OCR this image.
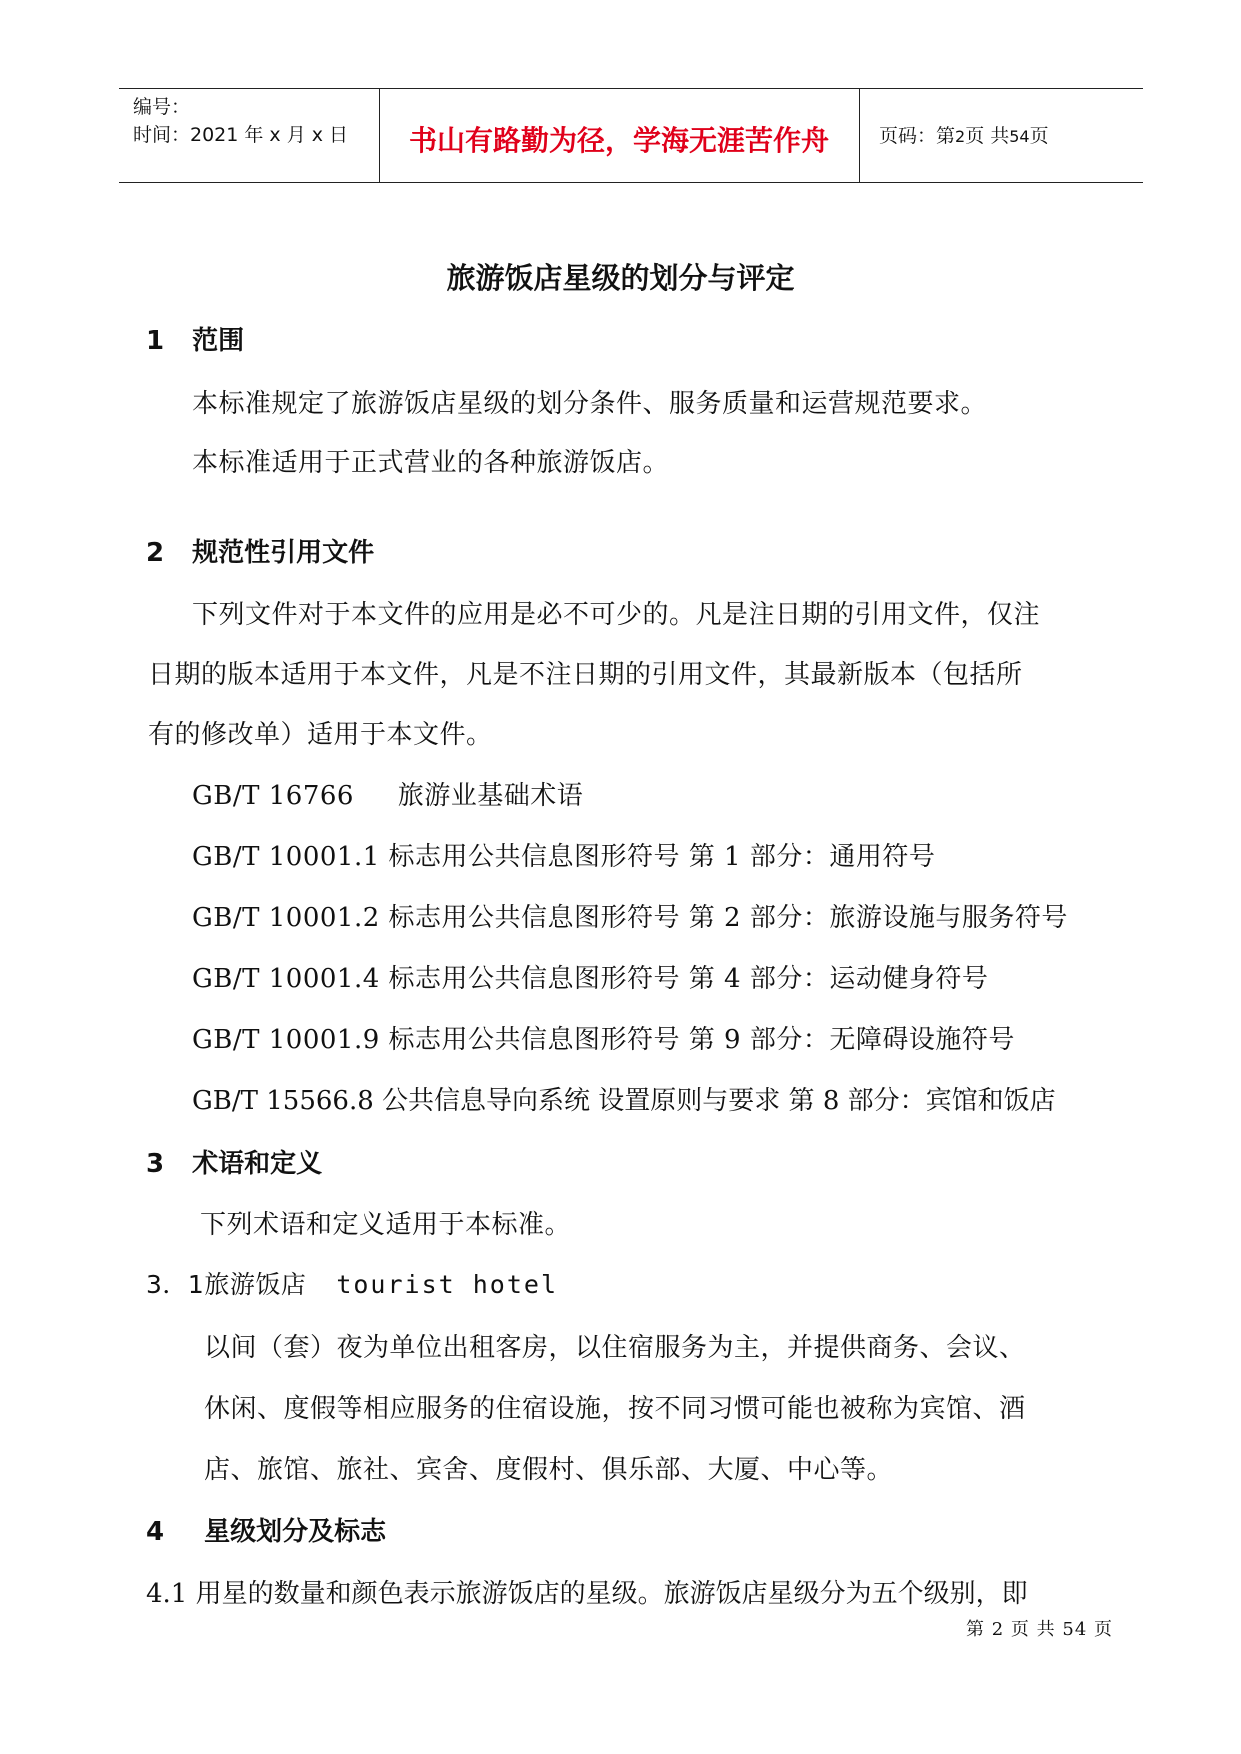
编号：
时间：2021 年 x 月 x 日	书山有路勤为径，学海无涯苦作舟	页码：第2页 共54页
旅游饭店星级的划分与评定
1 范围
本标准规定了旅游饭店星级的划分条件、服务质量和运营规范要求。
本标准适用于正式营业的各种旅游饭店。
2 规范性引用文件
下列文件对于本文件的应用是必不可少的。凡是注日期的引用文件，仅注
日期的版本适用于本文件，凡是不注日期的引用文件，其最新版本（包括所
有的修改单）适用于本文件。
GB/T 16766     旅游业基础术语
GB/T 10001.1 标志用公共信息图形符号 第 1 部分：通用符号
GB/T 10001.2 标志用公共信息图形符号 第 2 部分：旅游设施与服务符号
GB/T 10001.4 标志用公共信息图形符号 第 4 部分：运动健身符号
GB/T 10001.9 标志用公共信息图形符号 第 9 部分：无障碍设施符号
GB/T 15566.8 公共信息导向系统 设置原则与要求 第 8 部分：宾馆和饭店
3 术语和定义
下列术语和定义适用于本标准。
3．1旅游饭店 tourist hotel
以间（套）夜为单位出租客房，以住宿服务为主，并提供商务、会议、
休闲、度假等相应服务的住宿设施，按不同习惯可能也被称为宾馆、酒
店、旅馆、旅社、宾舍、度假村、俱乐部、大厦、中心等。
4 星级划分及标志
4.1 用星的数量和颜色表示旅游饭店的星级。旅游饭店星级分为五个级别，即
第 2 页 共 54 页
